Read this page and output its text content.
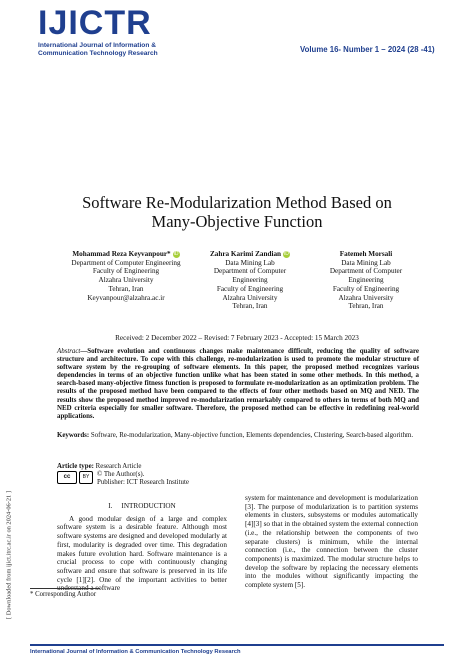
IJICTR
International Journal of Information &
Communication Technology Research	Volume 16- Number 1 – 2024 (28 -41)
Software Re-Modularization Method Based on
Many-Objective Function
Mohammad Reza Keyvanpour* iD
Department of Computer Engineering
Faculty of Engineering
Alzahra University
Tehran, Iran
Keyvanpour@alzahra.ac.ir
Zahra Karimi Zandian iD
Data Mining Lab
Department of Computer
Engineering
Faculty of Engineering
Alzahra University
Tehran, Iran
Fatemeh Morsali
Data Mining Lab
Department of Computer
Engineering
Faculty of Engineering
Alzahra University
Tehran, Iran
Received: 2 December 2022 – Revised: 7 February 2023 - Accepted: 15 March 2023
Abstract—Software evolution and continuous changes make maintenance difficult, reducing the quality of software structure and architecture. To cope with this challenge, re-modularization is used to promote the modular structure of software system by the re-grouping of software elements. In this paper, the proposed method recognizes various dependencies in terms of an objective function unlike what has been stated in some other methods. In this method, a search-based many-objective fitness function is proposed to formulate re-modularization as an optimization problem. The results of the proposed method have been compared to the effects of four other methods based on MQ and NED. The results show the proposed method improved re-modularization remarkably compared to others in terms of both MQ and NED criteria especially for smaller software. Therefore, the proposed method can be effective in redefining real-world applications.
Keywords: Software, Re-modularization, Many-objective function, Elements dependencies, Clustering, Search-based algorithm.
Article type: Research Article
cc BY	© The Author(s).
Publisher: ICT Research Institute
I.     INTRODUCTION
A good modular design of a large and complex software system is a desirable feature. Although most software systems are designed and developed modularly at first, modularity is degraded over time. This degradation makes future evolution hard. Software maintenance is a crucial process to cope with continuously changing software and ensure that software is preserved in its life cycle [1][2]. One of the important activities to better understand a software
system for maintenance and development is modularization [3]. The purpose of modularization is to partition systems elements in clusters, subsystems or modules automatically [4][3] so that in the obtained system the external connection (i.e., the relationship between the components of two separate clusters) is minimum, while the internal connection (i.e., the connection between the cluster components) is maximized. The modular structure helps to develop the software by replacing the necessary elements into the modules without significantly impacting the complete system [5].
* Corresponding Author
[ Downloaded from ijict.itrc.ac.ir on 2024-06-21 ]
International Journal of Information & Communication Technology Research
